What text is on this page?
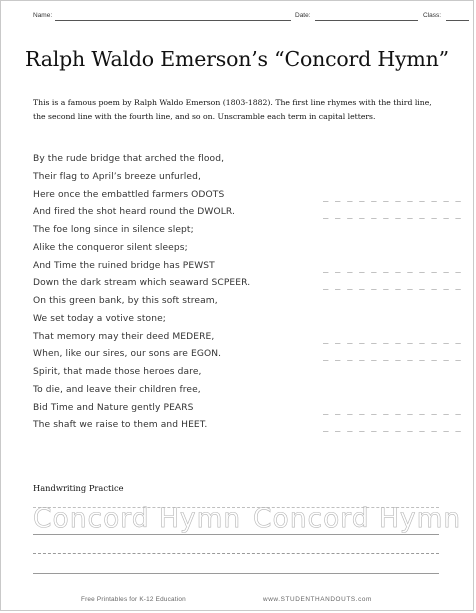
Name:	Date:	Class:
Ralph Waldo Emerson’s “Concord Hymn”
This is a famous poem by Ralph Waldo Emerson (1803-1882). The first line rhymes with the third line, the second line with the fourth line, and so on. Unscramble each term in capital letters.
By the rude bridge that arched the flood,
Their flag to April’s breeze unfurled,
Here once the embattled farmers ODOTS	_ _ _ _ _ _ _ _ _ _ _ _
And fired the shot heard round the DWOLR.	_ _ _ _ _ _ _ _ _ _ _ _
The foe long since in silence slept;
Alike the conqueror silent sleeps;
And Time the ruined bridge has PEWST	_ _ _ _ _ _ _ _ _ _ _ _
Down the dark stream which seaward SCPEER.	_ _ _ _ _ _ _ _ _ _ _ _
On this green bank, by this soft stream,
We set today a votive stone;
That memory may their deed MEDERE,	_ _ _ _ _ _ _ _ _ _ _ _
When, like our sires, our sons are EGON.	_ _ _ _ _ _ _ _ _ _ _ _
Spirit, that made those heroes dare,
To die, and leave their children free,
Bid Time and Nature gently PEARS	_ _ _ _ _ _ _ _ _ _ _ _
The shaft we raise to them and HEET.	_ _ _ _ _ _ _ _ _ _ _ _
Handwriting Practice
Concord Hymn Concord Hymn
Free Printables for K-12 Education	www.STUDENTHANDOUTS.com
